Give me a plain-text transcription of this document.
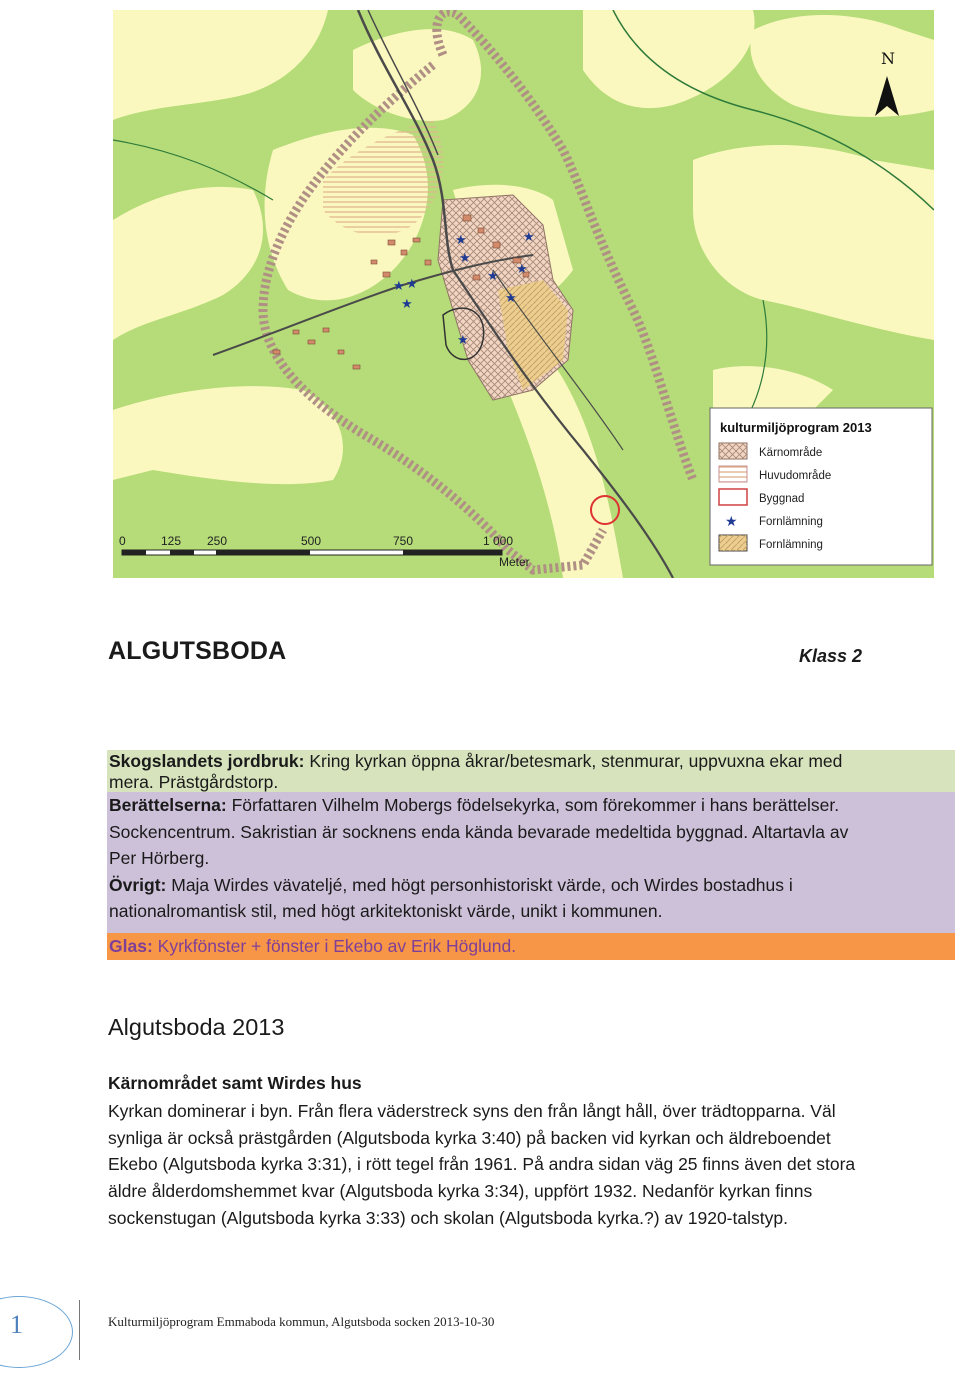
★
★
★
★
★
★
★ ★
★
★
N
0	125 250	500	750	1 000
Meter
kulturmiljöprogram 2013
Kärnområde
Huvudområde
Byggnad
★ Fornlämning
Fornlämning
ALGUTSBODA	Klass 2
Skogslandets jordbruk: Kring kyrkan öppna åkrar/betesmark, stenmurar, uppvuxna ekar med
mera. Prästgårdstorp.
Berättelserna: Författaren Vilhelm Mobergs födelsekyrka, som förekommer i hans berättelser.
Sockencentrum. Sakristian är socknens enda kända bevarade medeltida byggnad. Altartavla av
Per Hörberg.
Övrigt: Maja Wirdes vävateljé, med högt personhistoriskt värde, och Wirdes bostadhus i
nationalromantisk stil, med högt arkitektoniskt värde, unikt i kommunen.
Glas: Kyrkfönster + fönster i Ekebo av Erik Höglund.
Algutsboda 2013
Kärnområdet samt Wirdes hus
Kyrkan dominerar i byn. Från flera väderstreck syns den från långt håll, över trädtopparna. Väl
synliga är också prästgården (Algutsboda kyrka 3:40) på backen vid kyrkan och äldreboendet
Ekebo (Algutsboda kyrka 3:31), i rött tegel från 1961. På andra sidan väg 25 finns även det stora
äldre ålderdomshemmet kvar (Algutsboda kyrka 3:34), uppfört 1932. Nedanför kyrkan finns
sockenstugan (Algutsboda kyrka 3:33) och skolan (Algutsboda kyrka.?) av 1920-talstyp.
1	Kulturmiljöprogram Emmaboda kommun, Algutsboda socken 2013-10-30
